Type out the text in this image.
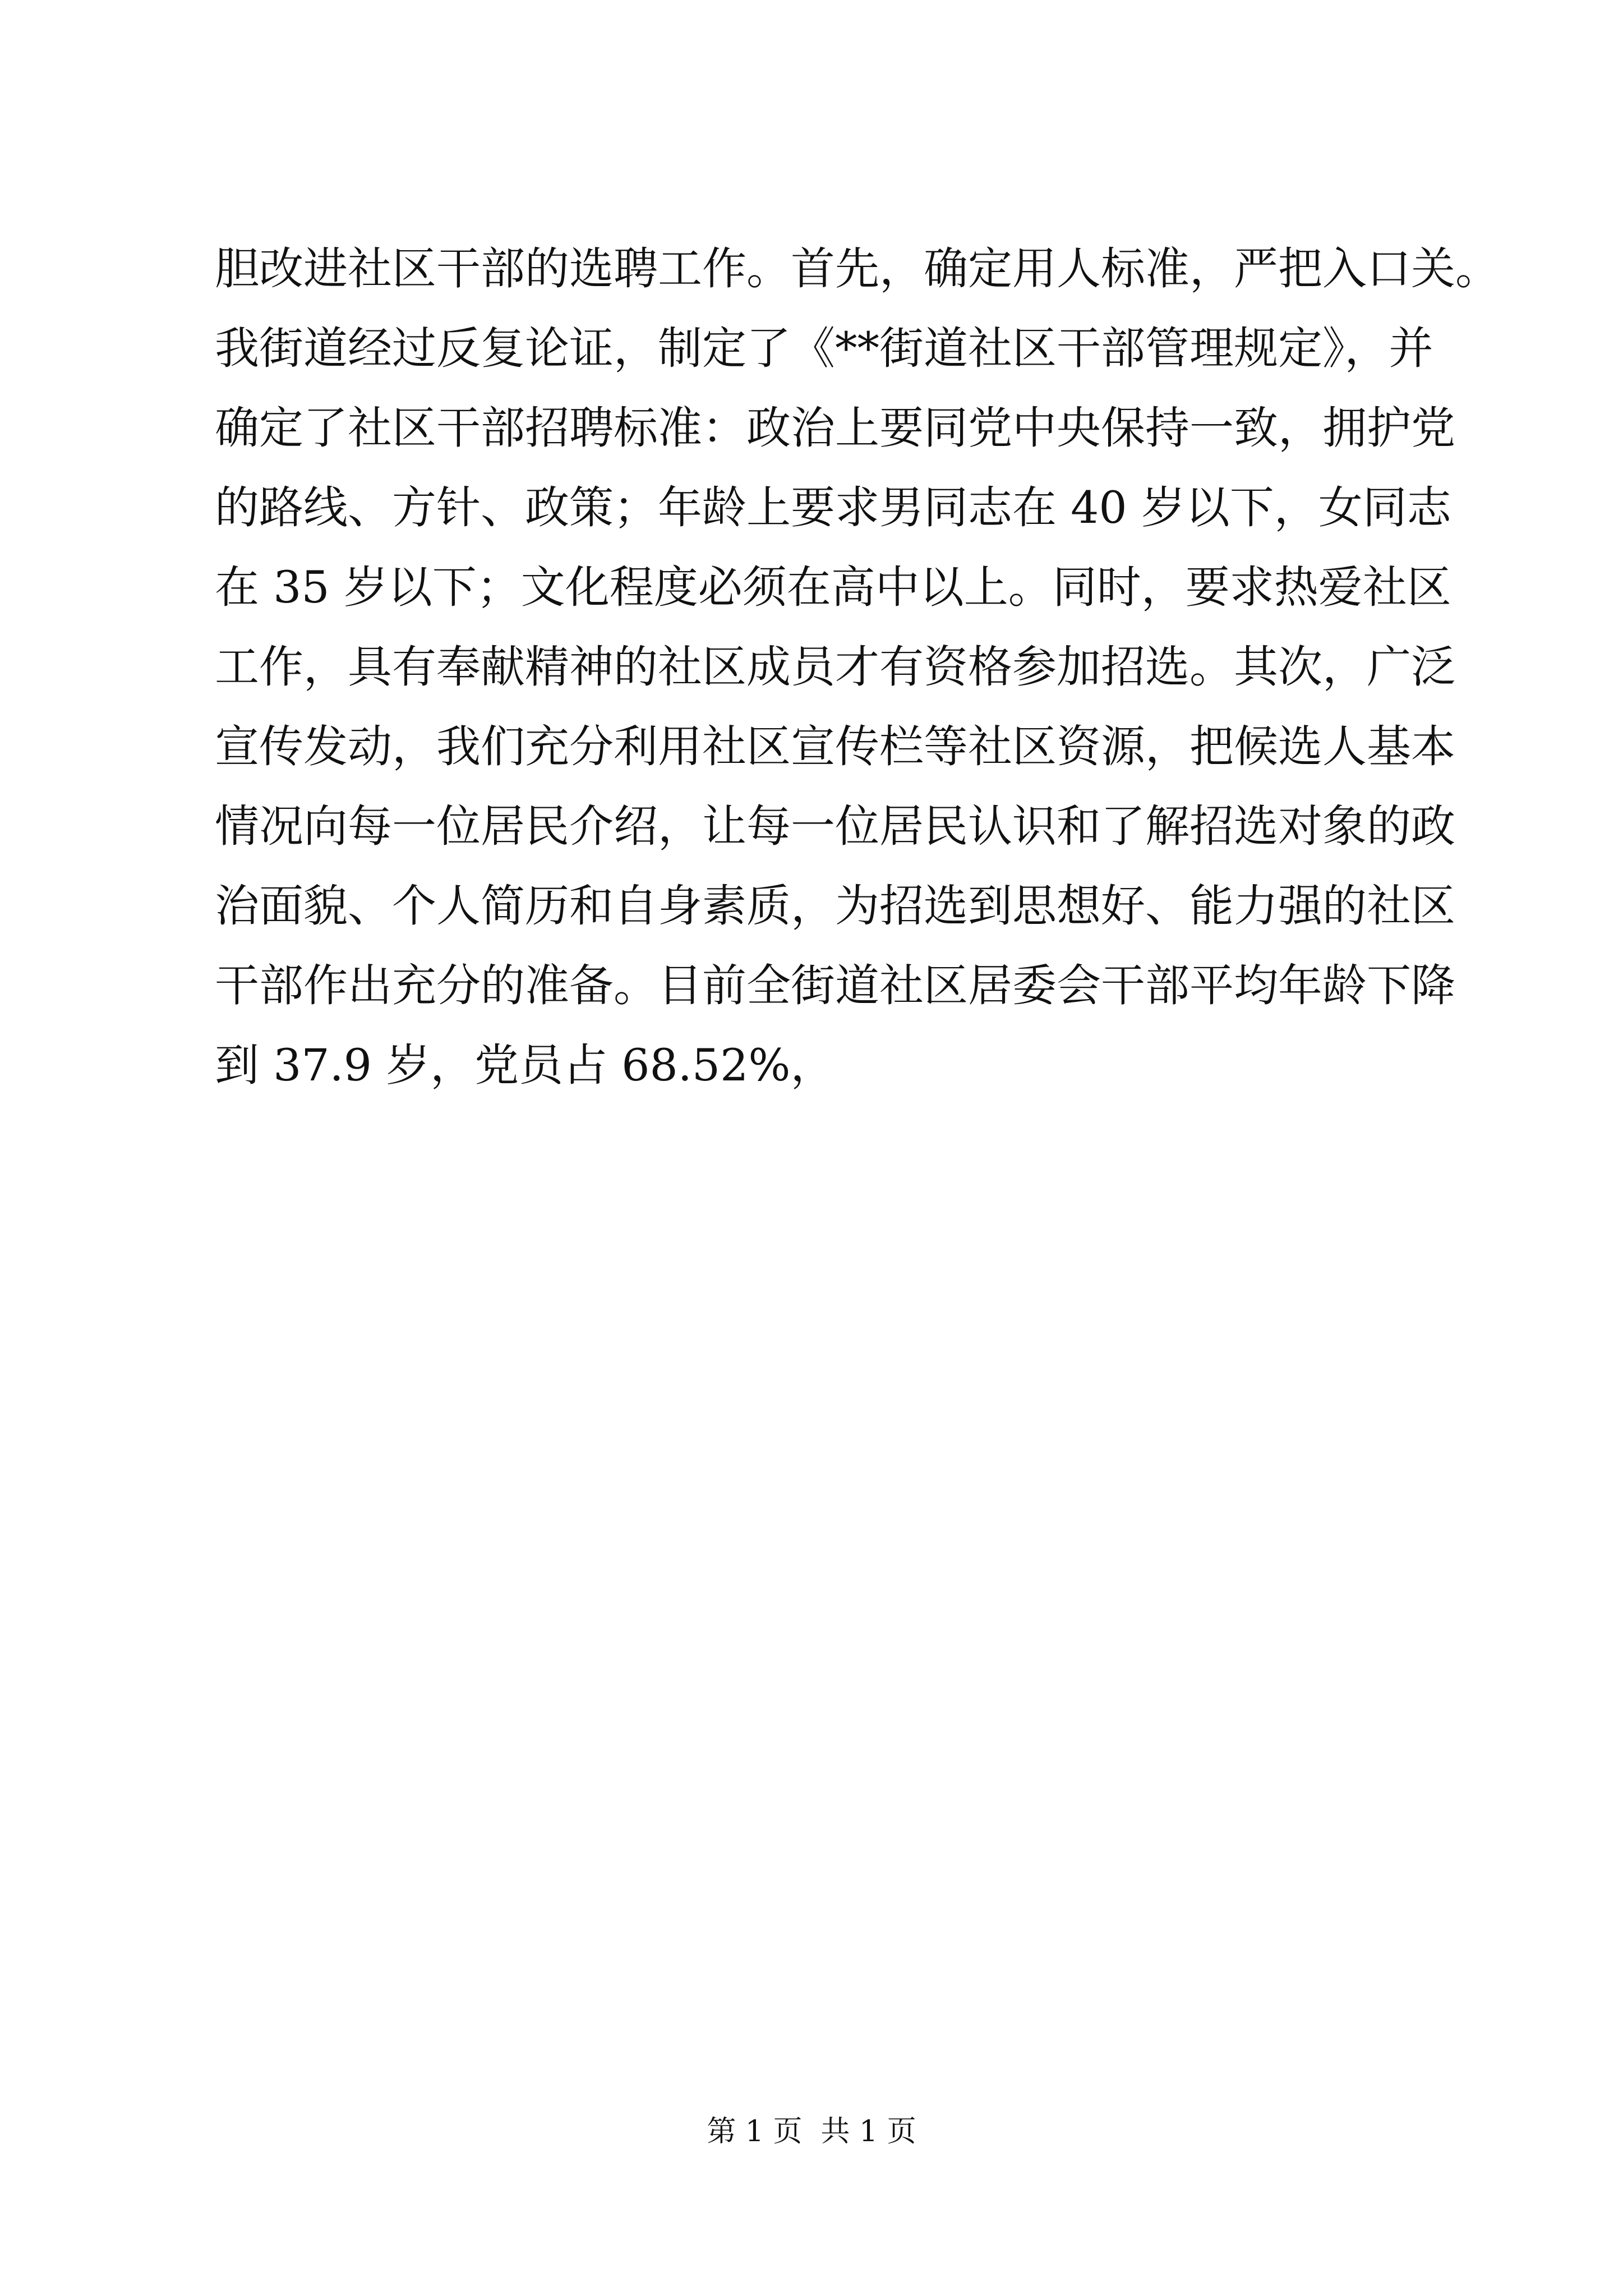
胆改进社区干部的选聘工作。首先，确定用人标准，严把入口关。
我街道经过反复论证，制定了《**街道社区干部管理规定》，并
确定了社区干部招聘标准：政治上要同党中央保持一致，拥护党
的路线、方针、政策；年龄上要求男同志在 40 岁以下，女同志
在 35 岁以下；文化程度必须在高中以上。同时，要求热爱社区
工作，具有奉献精神的社区成员才有资格参加招选。其次，广泛
宣传发动，我们充分利用社区宣传栏等社区资源，把候选人基本
情况向每一位居民介绍，让每一位居民认识和了解招选对象的政
治面貌、个人简历和自身素质，为招选到思想好、能力强的社区
干部作出充分的准备。目前全街道社区居委会干部平均年龄下降
到 37.9 岁，党员占 68.52%，
第 1 页  共 1 页
